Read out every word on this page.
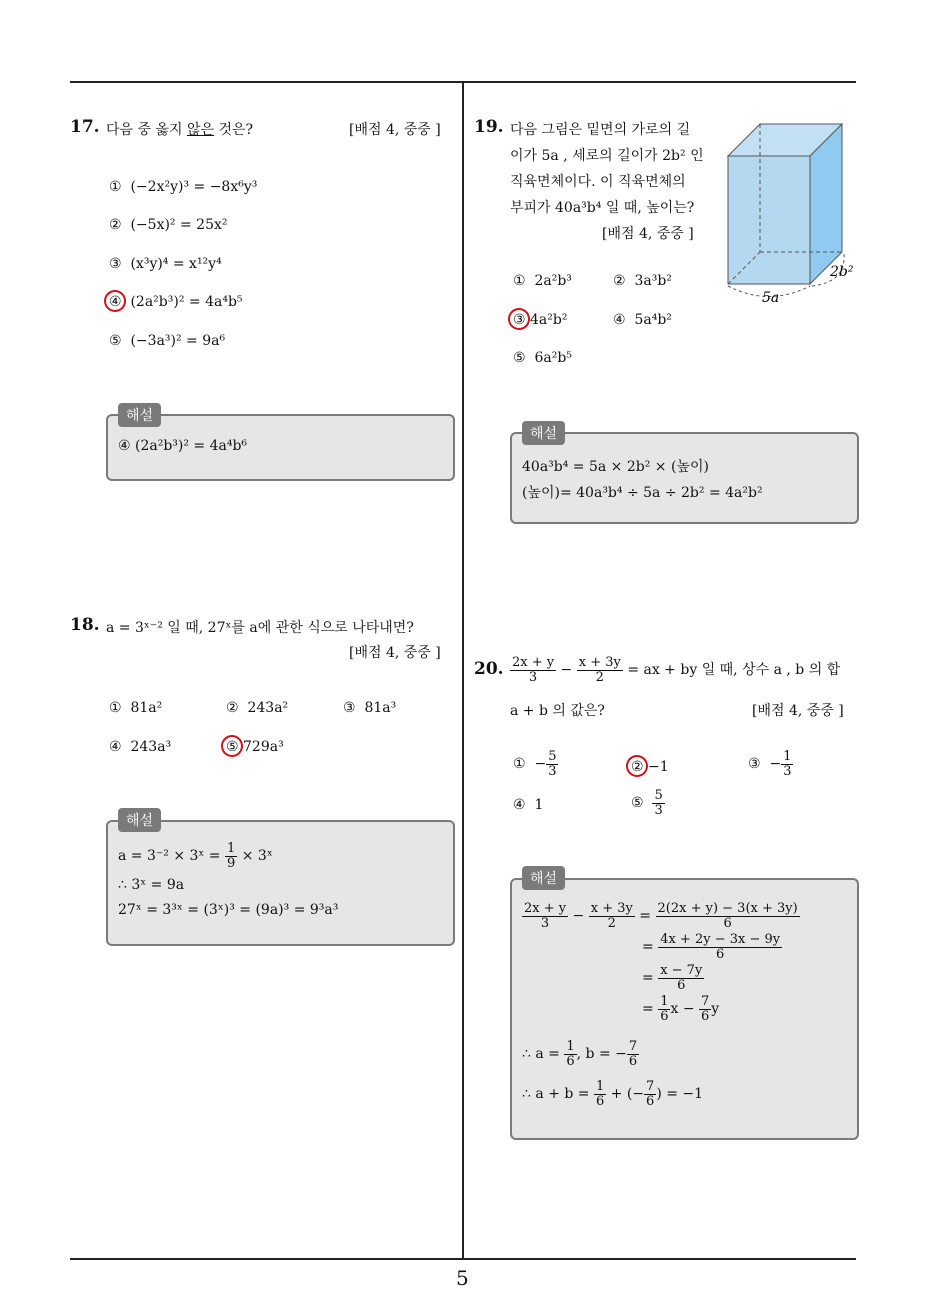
5
17. 다음 중 옳지 않은 것은?	[배점 4, 중중 ]
① (−2x²y)³ = −8x⁶y³
② (−5x)² = 25x²
③ (x³y)⁴ = x¹²y⁴
④ (2a²b³)² = 4a⁴b⁵
⑤ (−3a³)² = 9a⁶
해설
④ (2a²b³)² = 4a⁴b⁶
18. a = 3ˣ⁻² 일 때, 27ˣ를 a에 관한 식으로 나타내면?
[배점 4, 중중 ]
① 81a²	② 243a²	③ 81a³
④ 243a³	⑤ 729a³
해설
a = 3⁻² × 3ˣ = $\frac{1}{9}$ × 3ˣ
∴ 3ˣ = 9a
27ˣ = 3³ˣ = (3ˣ)³ = (9a)³ = 9³a³
19. 다음 그림은 밑면의 가로의 길
이가 5a , 세로의 길이가 2b² 인
직육면체이다. 이 직육면체의
부피가 40a³b⁴ 일 때, 높이는?
[배점 4, 중중 ]
5a
2b²
① 2a²b³	② 3a³b²
③ 4a²b²	④ 5a⁴b²
⑤ 6a²b⁵
해설
40a³b⁴ = 5a × 2b² × (높이)
(높이)= 40a³b⁴ ÷ 5a ÷ 2b² = 4a²b²
20. $\frac{2x + y}{3} - \frac{x + 3y}{2}$ = ax + by 일 때, 상수 a , b 의 합
a + b 의 값은?	[배점 4, 중중 ]
① − $\frac{5}{3}$	② −1	③ − $\frac{1}{3}$
④ 1	⑤ $\frac{5}{3}$
해설
$\frac{2x + y}{3} - \frac{x + 3y}{2} = \frac{2(2x + y) - 3(x + 3y)}{6}$
= $\frac{4x + 2y - 3x - 9y}{6}$
= $\frac{x - 7y}{6}$
= $\frac{1}{6}$ $x - \frac{7}{6}$ y
∴ $a = \frac{1}{6}$ , b = − $\frac{7}{6}$
∴ $a + b = \frac{1}{6}$ + (− $\frac{7}{6}$ ) = −1
